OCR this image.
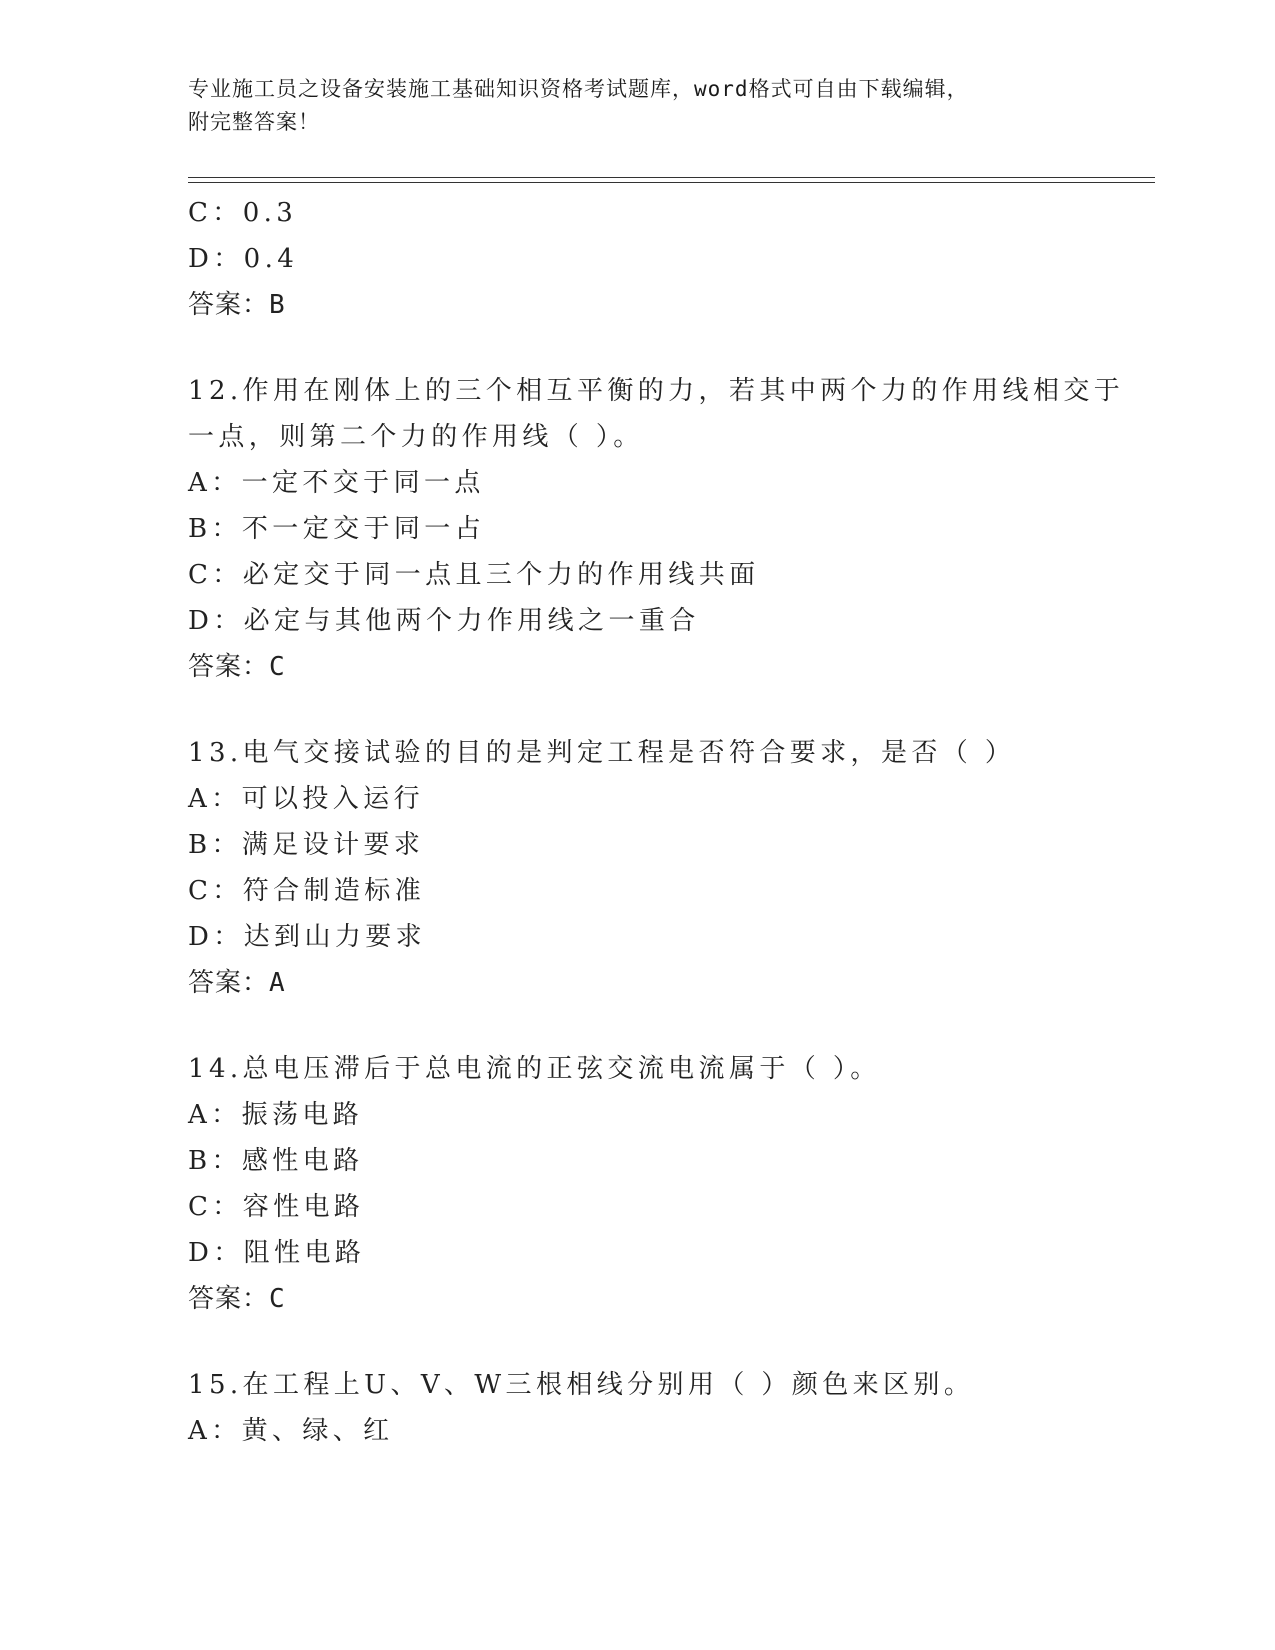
专业施工员之设备安装施工基础知识资格考试题库，word格式可自由下载编辑，
附完整答案！
C：0.3
D：0.4
答案：B
12.作用在刚体上的三个相互平衡的力，若其中两个力的作用线相交于
一点，则第二个力的作用线（ ）。
A：一定不交于同一点
B：不一定交于同一占
C：必定交于同一点且三个力的作用线共面
D：必定与其他两个力作用线之一重合
答案：C
13.电气交接试验的目的是判定工程是否符合要求，是否（ ）
A：可以投入运行
B：满足设计要求
C：符合制造标准
D：达到山力要求
答案：A
14.总电压滞后于总电流的正弦交流电流属于（ ）。
A：振荡电路
B：感性电路
C：容性电路
D：阻性电路
答案：C
15.在工程上U、V、W三根相线分别用（ ）颜色来区别。
A：黄、绿、红
